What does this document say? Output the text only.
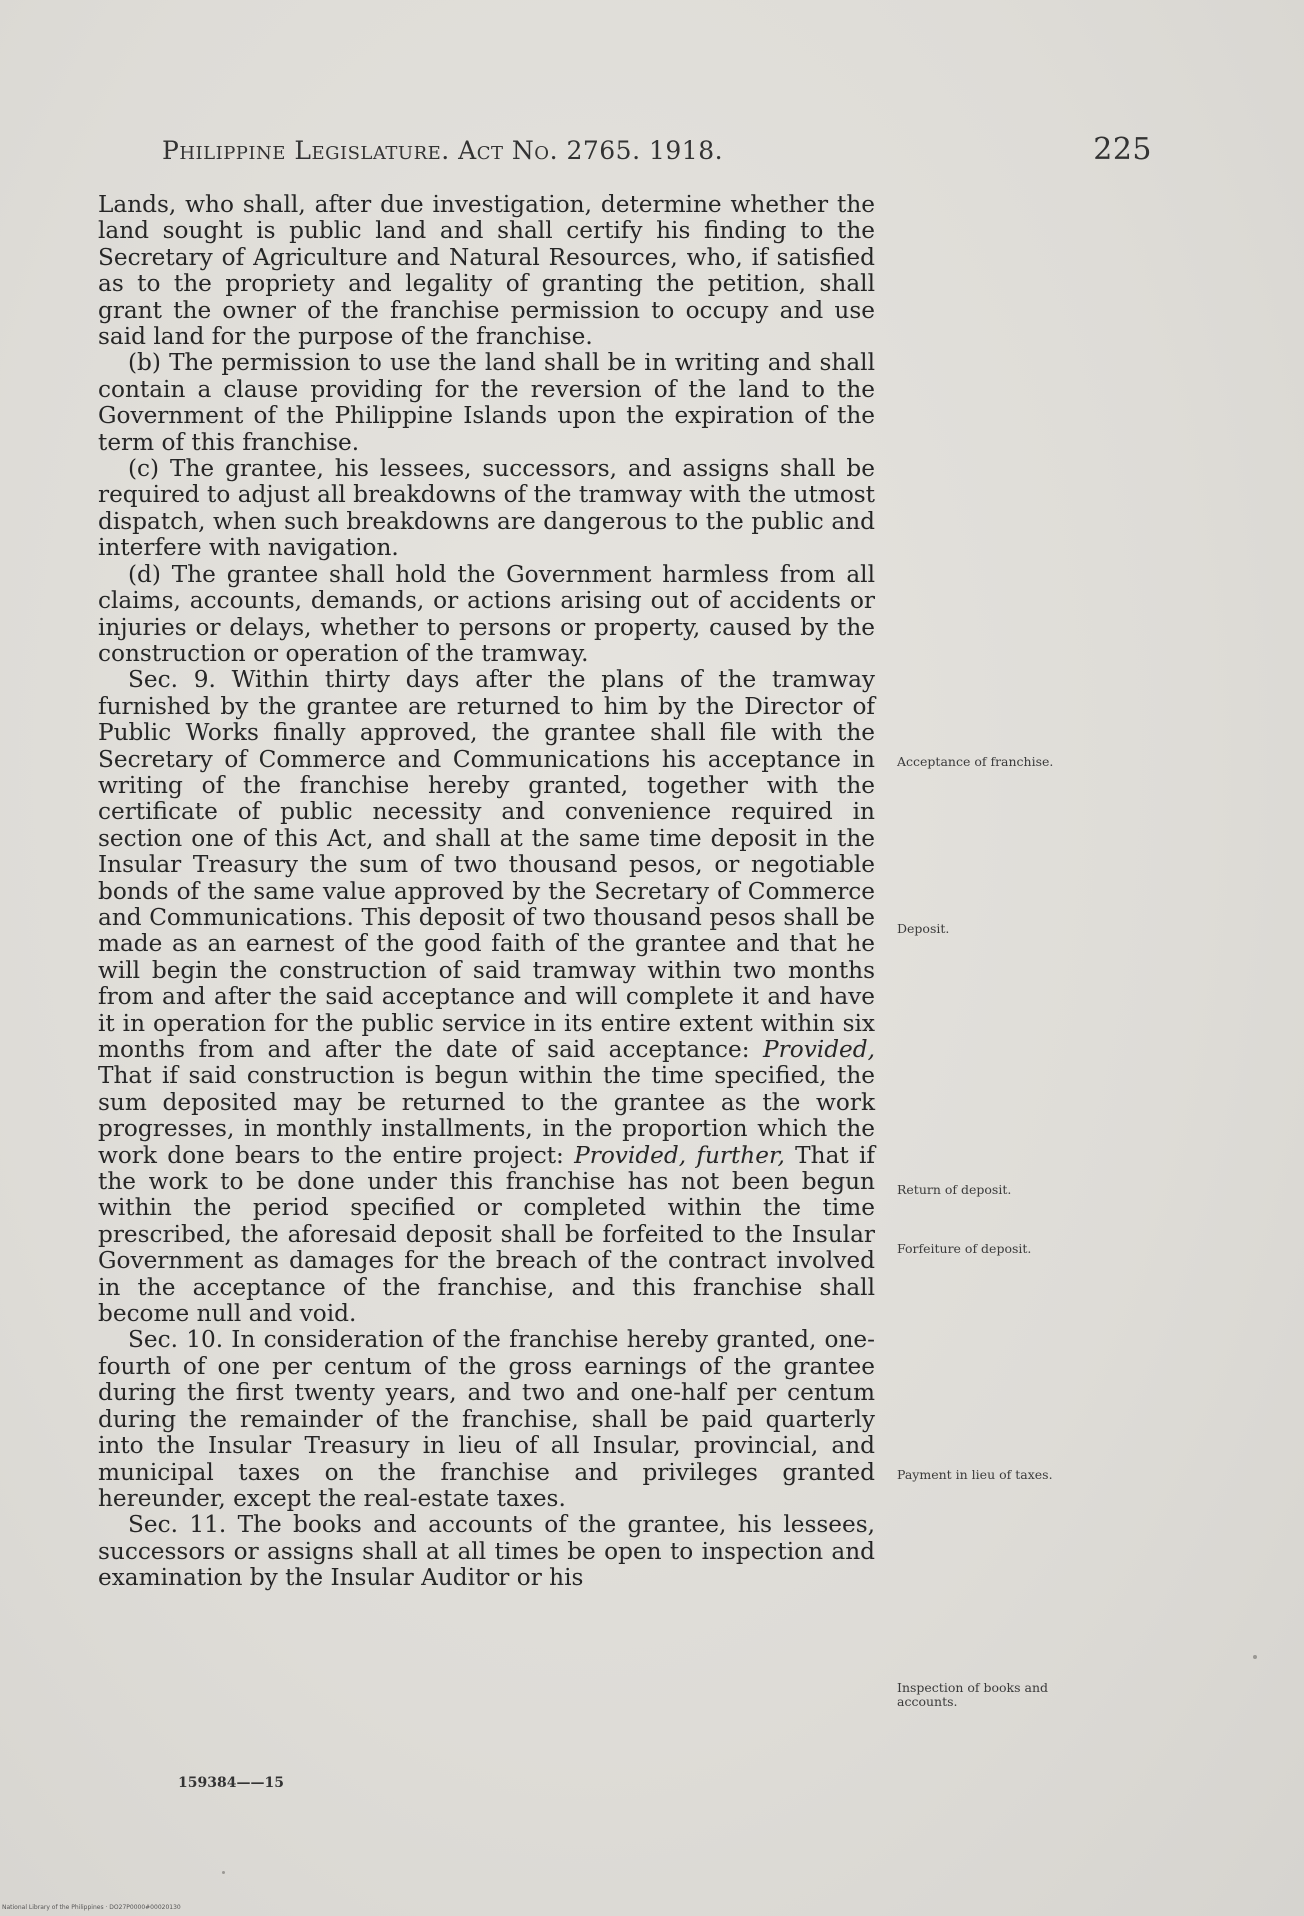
Philippine Legislature. Act No. 2765. 1918.	225

Lands, who shall, after due investigation, determine whether the land sought is public land and shall certify his finding to the Secretary of Agriculture and Natural Resources, who, if satisfied as to the propriety and legality of granting the petition, shall grant the owner of the franchise permission to occupy and use said land for the purpose of the franchise.

(b) The permission to use the land shall be in writing and shall contain a clause providing for the reversion of the land to the Government of the Philippine Islands upon the expiration of the term of this franchise.

(c) The grantee, his lessees, successors, and assigns shall be required to adjust all breakdowns of the tramway with the utmost dispatch, when such breakdowns are dangerous to the public and interfere with navigation.

(d) The grantee shall hold the Government harmless from all claims, accounts, demands, or actions arising out of accidents or injuries or delays, whether to persons or property, caused by the construction or operation of the tramway.

Sec. 9. Within thirty days after the plans of the tramway furnished by the grantee are returned to him by the Director of Public Works finally approved, the grantee shall file with the Secretary of Commerce and Communications his acceptance in writing of the franchise hereby granted, together with the certificate of public necessity and convenience required in section one of this Act, and shall at the same time deposit in the Insular Treasury the sum of two thousand pesos, or negotiable bonds of the same value approved by the Secretary of Commerce and Communications. This deposit of two thousand pesos shall be made as an earnest of the good faith of the grantee and that he will begin the construction of said tramway within two months from and after the said acceptance and will complete it and have it in operation for the public service in its entire extent within six months from and after the date of said acceptance: Provided, That if said construction is begun within the time specified, the sum deposited may be returned to the grantee as the work progresses, in monthly installments, in the proportion which the work done bears to the entire project: Provided, further, That if the work to be done under this franchise has not been begun within the period specified or completed within the time prescribed, the aforesaid deposit shall be forfeited to the Insular Government as damages for the breach of the contract involved in the acceptance of the franchise, and this franchise shall become null and void.

Sec. 10. In consideration of the franchise hereby granted, one-fourth of one per centum of the gross earnings of the grantee during the first twenty years, and two and one-half per centum during the remainder of the franchise, shall be paid quarterly into the Insular Treasury in lieu of all Insular, provincial, and municipal taxes on the franchise and privileges granted hereunder, except the real-estate taxes.

Sec. 11. The books and accounts of the grantee, his lessees, successors or assigns shall at all times be open to inspection and examination by the Insular Auditor or his

Acceptance of franchise.
Deposit.
Return of deposit.
Forfeiture of deposit.
Payment in lieu of taxes.
Inspection of books and accounts.
159384——15
National Library of the Philippines · DO27P0000#00020130
